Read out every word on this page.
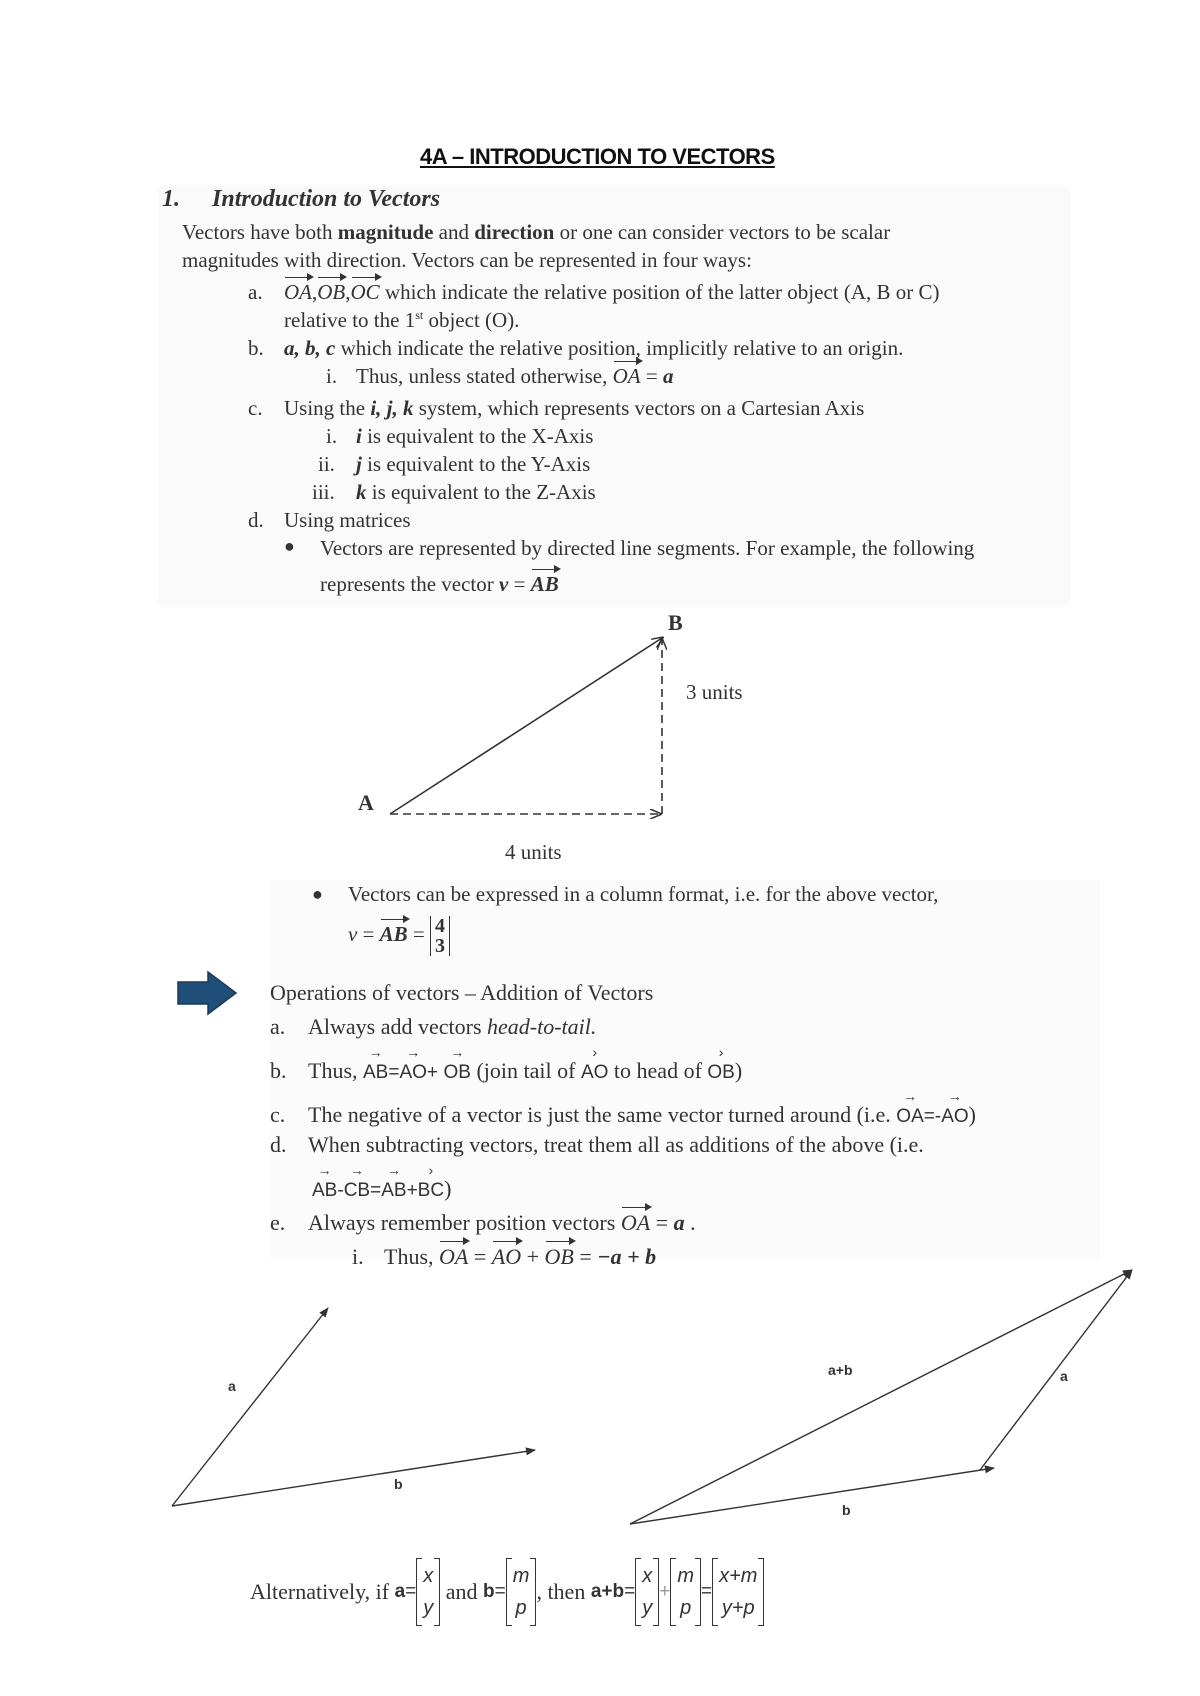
4A – INTRODUCTION TO VECTORS
1. Introduction to Vectors
Vectors have both magnitude and direction or one can consider vectors to be scalar
magnitudes with direction. Vectors can be represented in four ways:
a. OA,OB,OC which indicate the relative position of the latter object (A, B or C)
relative to the 1st object (O).
b. a, b, c which indicate the relative position, implicitly relative to an origin.
i. Thus, unless stated otherwise, OA = a
c. Using the i, j, k system, which represents vectors on a Cartesian Axis
i. i is equivalent to the X-Axis
ii. j is equivalent to the Y-Axis
iii. k is equivalent to the Z-Axis
d. Using matrices
● Vectors are represented by directed line segments. For example, the following
represents the vector v = AB
A
B
3 units
4 units
● Vectors can be expressed in a column format, i.e. for the above vector,
v = AB = 4
3
Operations of vectors – Addition of Vectors
a. Always add vectors head-to-tail.
b. Thus,
→
AB=
→
AO+
→
OB (join tail of
›
AO to head of
›
OB)
c. The negative of a vector is just the same vector turned around (i.e.
→
OA=-
→
AO)
d. When subtracting vectors, treat them all as additions of the above (i.e.
→
AB-
→
CB=
→
AB+
›
BC)
e. Always remember position vectors OA = a .
i. Thus, OA = AO + OB = −a + b
a
b
a+b	a
b
Alternatively, if a=
x
y
and b=
m
p
, then a+b=
x
y
+
m
p
=
x+m
y+p
